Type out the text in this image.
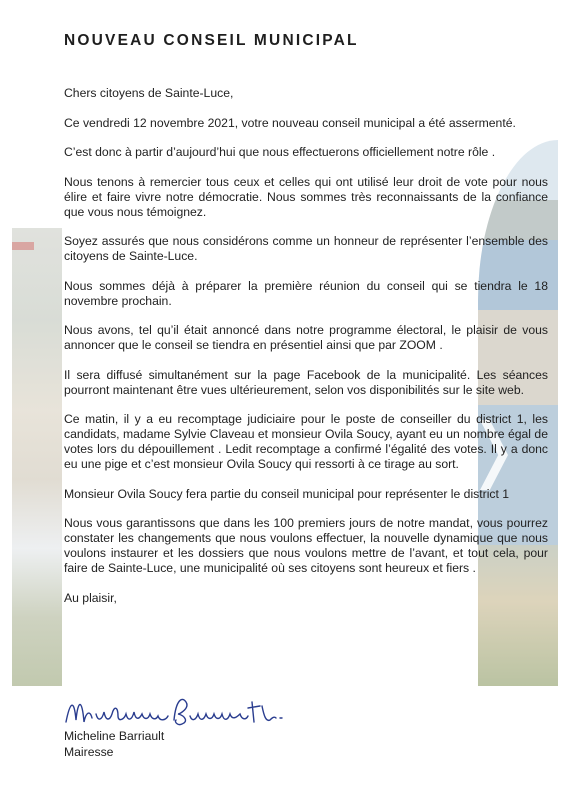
NOUVEAU CONSEIL MUNICIPAL

Chers citoyens de Sainte-Luce,

Ce vendredi 12 novembre 2021, votre nouveau conseil municipal a été assermenté.

C’est donc à partir d’aujourd’hui que nous effectuerons officiellement notre rôle .

Nous tenons à remercier tous ceux et celles qui ont utilisé leur droit de vote pour nous élire et faire vivre notre démocratie. Nous sommes très reconnaissants de la confiance que vous nous témoignez.

Soyez assurés que nous considérons comme un honneur de représenter l’ensemble des citoyens de Sainte-Luce.

Nous sommes déjà à préparer la première réunion du conseil qui se tiendra le 18 novembre prochain.

Nous avons, tel qu’il était annoncé dans notre programme électoral, le plaisir de vous annoncer que le conseil se tiendra en présentiel ainsi que par ZOOM .

Il sera diffusé simultanément sur la page Facebook de la municipalité. Les séances pourront maintenant être vues ultérieurement, selon vos disponibilités sur le site web.

Ce matin, il y a eu recomptage judiciaire pour le poste de conseiller du district 1, les candidats, madame Sylvie Claveau et monsieur Ovila Soucy, ayant eu un nombre égal de votes lors du dépouillement . Ledit recomptage a confirmé l’égalité des votes. Il y a donc eu une pige et c’est monsieur Ovila Soucy qui ressorti à ce tirage au sort.

Monsieur Ovila Soucy fera partie du conseil municipal pour représenter le district 1

Nous vous garantissons que dans les 100 premiers jours de notre mandat, vous pourrez constater les changements que nous voulons effectuer, la nouvelle dynamique que nous voulons instaurer et les dossiers que nous voulons mettre de l’avant, et tout cela, pour faire de Sainte-Luce, une municipalité où ses citoyens sont heureux et fiers .

Au plaisir,

Micheline Barriault
Mairesse
